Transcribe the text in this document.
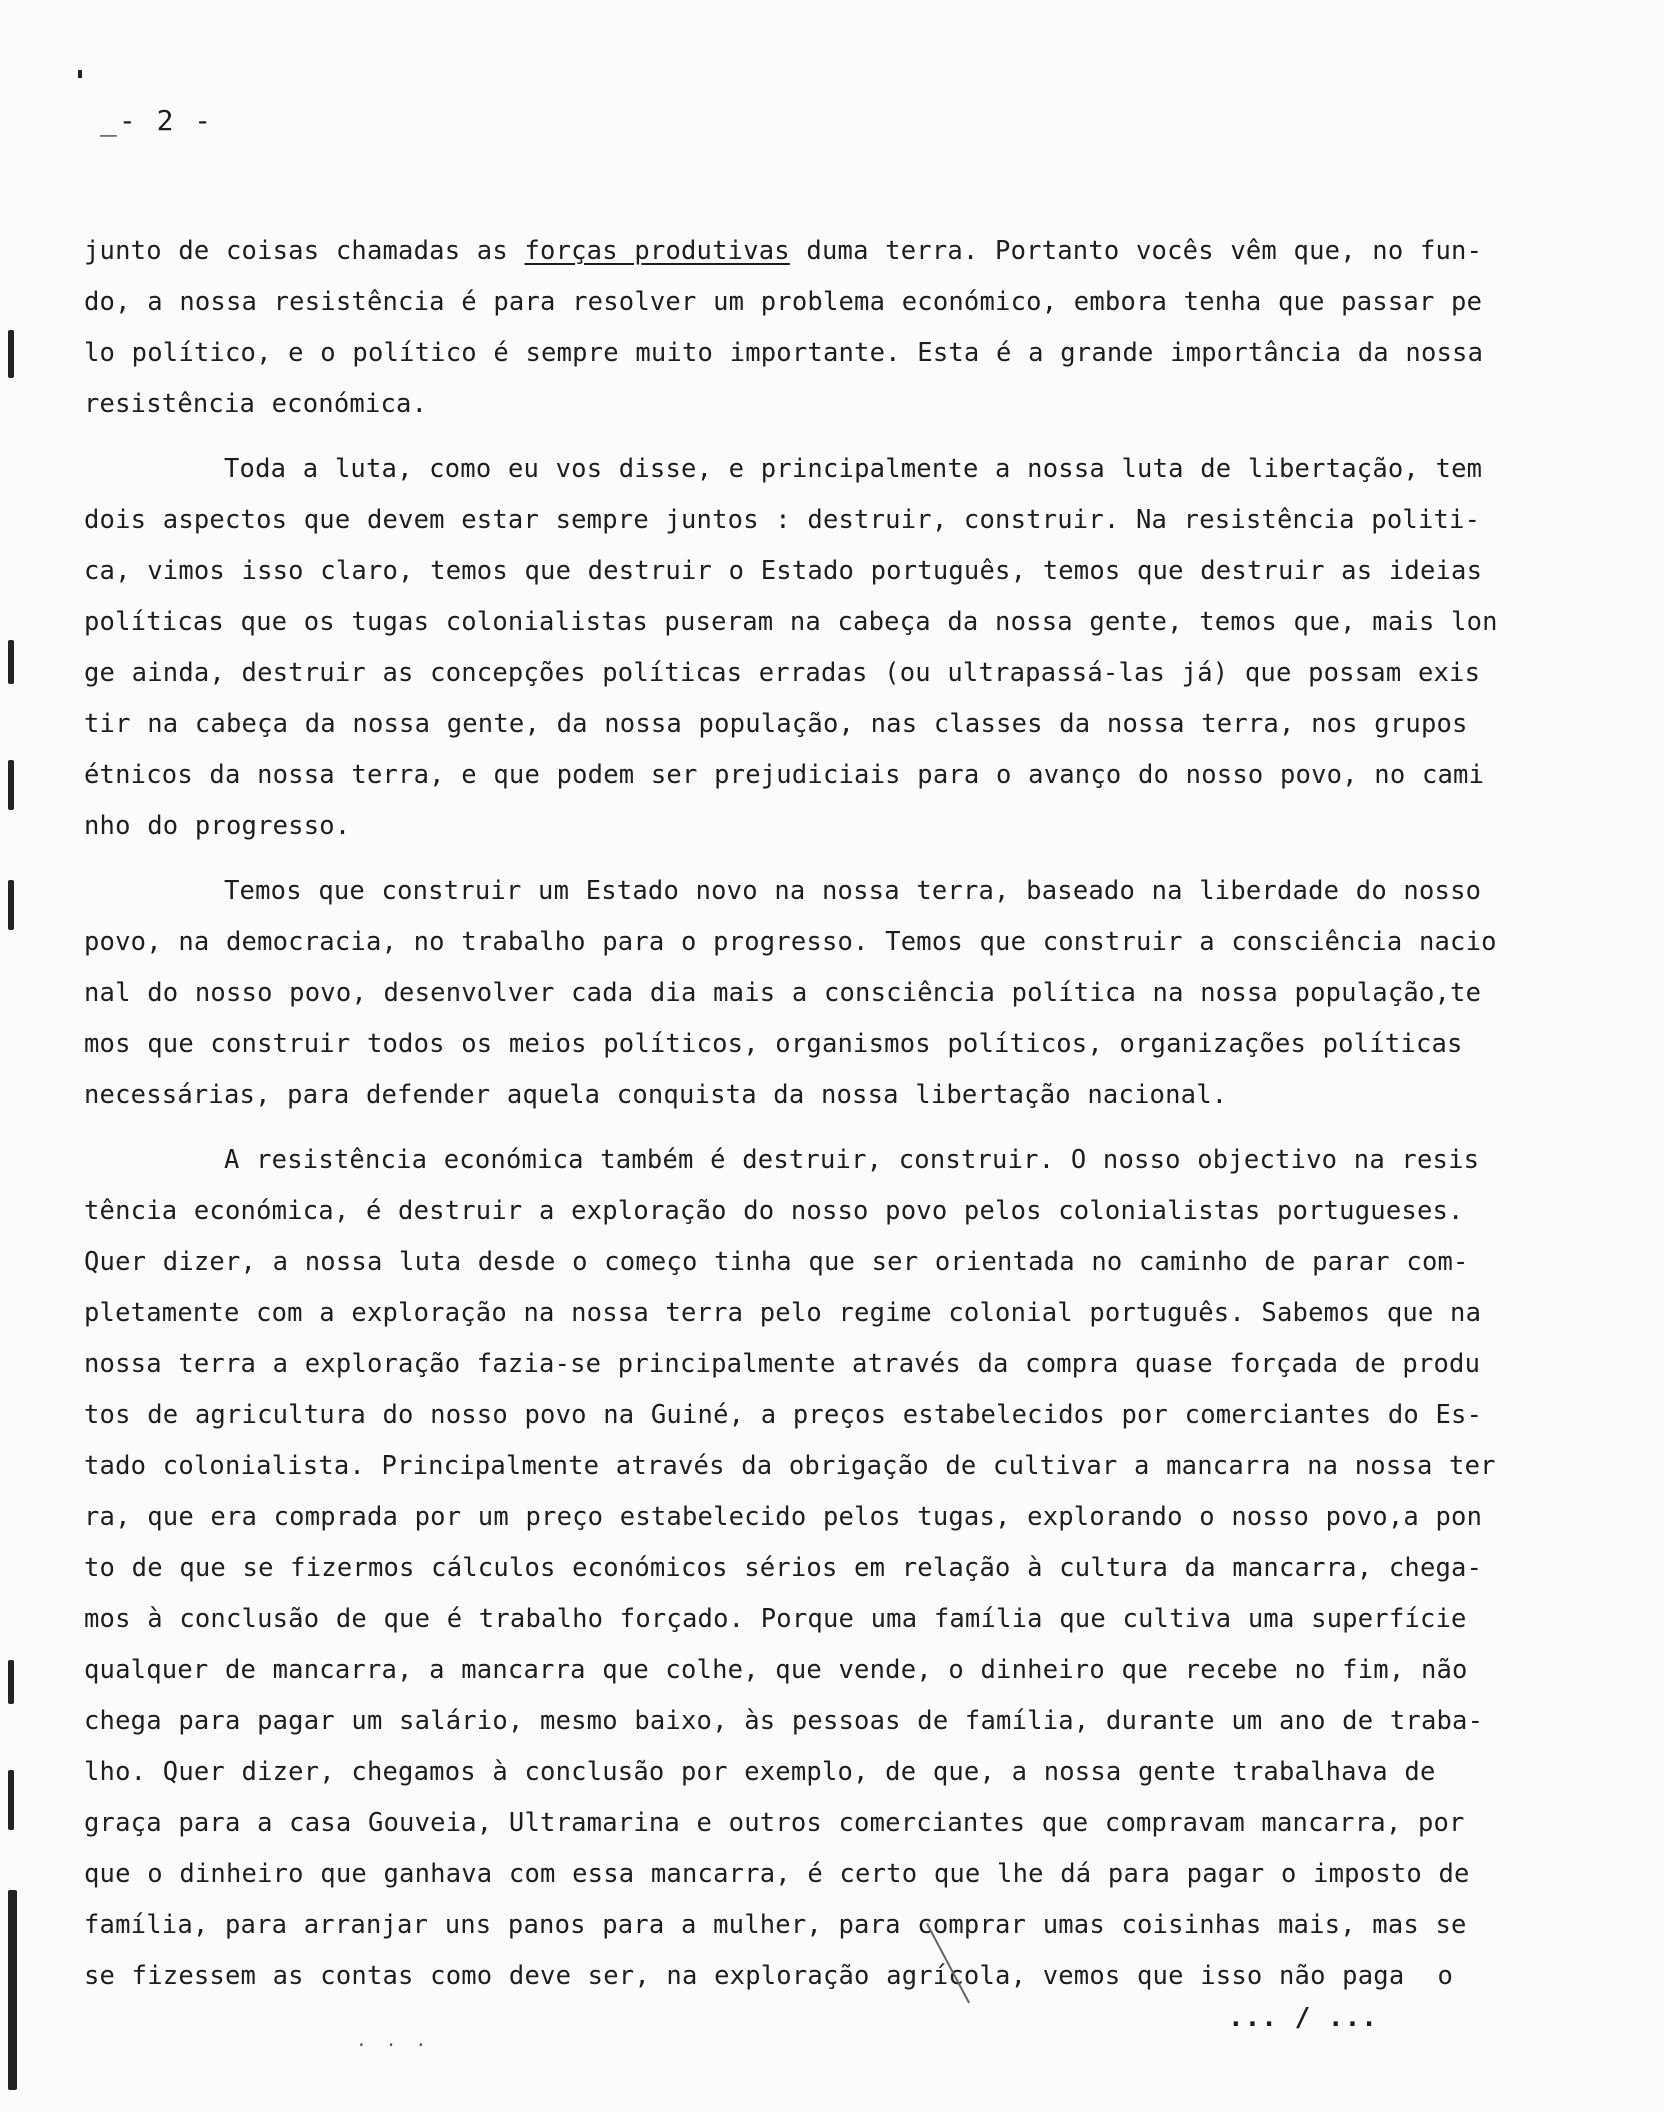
_- 2 -
junto de coisas chamadas as forças produtivas duma terra. Portanto vocês vêm que, no fun-
do, a nossa resistência é para resolver um problema económico, embora tenha que passar pe
lo político, e o político é sempre muito importante. Esta é a grande importância da nossa
resistência económica.
Toda a luta, como eu vos disse, e principalmente a nossa luta de libertação, tem
dois aspectos que devem estar sempre juntos : destruir, construir. Na resistência politi-
ca, vimos isso claro, temos que destruir o Estado português, temos que destruir as ideias
políticas que os tugas colonialistas puseram na cabeça da nossa gente, temos que, mais lon
ge ainda, destruir as concepções políticas erradas (ou ultrapassá-las já) que possam exis
tir na cabeça da nossa gente, da nossa população, nas classes da nossa terra, nos grupos
étnicos da nossa terra, e que podem ser prejudiciais para o avanço do nosso povo, no cami
nho do progresso.
Temos que construir um Estado novo na nossa terra, baseado na liberdade do nosso
povo, na democracia, no trabalho para o progresso. Temos que construir a consciência nacio
nal do nosso povo, desenvolver cada dia mais a consciência política na nossa população,te
mos que construir todos os meios políticos, organismos políticos, organizações políticas
necessárias, para defender aquela conquista da nossa libertação nacional.
A resistência económica também é destruir, construir. O nosso objectivo na resis
tência económica, é destruir a exploração do nosso povo pelos colonialistas portugueses.
Quer dizer, a nossa luta desde o começo tinha que ser orientada no caminho de parar com-
pletamente com a exploração na nossa terra pelo regime colonial português. Sabemos que na
nossa terra a exploração fazia-se principalmente através da compra quase forçada de produ
tos de agricultura do nosso povo na Guiné, a preços estabelecidos por comerciantes do Es-
tado colonialista. Principalmente através da obrigação de cultivar a mancarra na nossa ter
ra, que era comprada por um preço estabelecido pelos tugas, explorando o nosso povo,a pon
to de que se fizermos cálculos económicos sérios em relação à cultura da mancarra, chega-
mos à conclusão de que é trabalho forçado. Porque uma família que cultiva uma superfície
qualquer de mancarra, a mancarra que colhe, que vende, o dinheiro que recebe no fim, não
chega para pagar um salário, mesmo baixo, às pessoas de família, durante um ano de traba-
lho. Quer dizer, chegamos à conclusão por exemplo, de que, a nossa gente trabalhava de
graça para a casa Gouveia, Ultramarina e outros comerciantes que compravam mancarra, por
que o dinheiro que ganhava com essa mancarra, é certo que lhe dá para pagar o imposto de
família, para arranjar uns panos para a mulher, para comprar umas coisinhas mais, mas se
se fizessem as contas como deve ser, na exploração agrícola, vemos que isso não paga  o
. . .
... / ...
